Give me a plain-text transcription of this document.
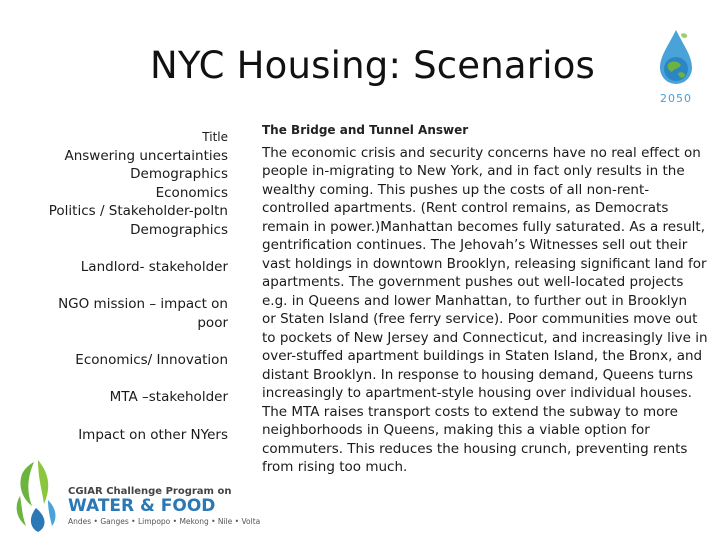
NYC Housing: Scenarios
2050
Title
Answering uncertainties
Demographics
Economics
Politics / Stakeholder-poltn
Demographics
Landlord- stakeholder
NGO mission – impact on
poor
Economics/ Innovation
MTA –stakeholder
Impact on other NYers
The Bridge and Tunnel Answer
The economic crisis and security concerns have no real effect on
people in-migrating to New York, and in fact only results in the
wealthy coming. This pushes up the costs of all non-rent-
controlled apartments. (Rent control remains, as Democrats
remain in power.)Manhattan becomes fully saturated. As a result,
gentrification continues. The Jehovah’s Witnesses sell out their
vast holdings in downtown Brooklyn, releasing significant land for
apartments. The government pushes out well-located projects
e.g. in Queens and lower Manhattan, to further out in Brooklyn
or Staten Island (free ferry service). Poor communities move out
to pockets of New Jersey and Connecticut, and increasingly live in
over-stuffed apartment buildings in Staten Island, the Bronx, and
distant Brooklyn. In response to housing demand, Queens turns
increasingly to apartment-style housing over individual houses.
The MTA raises transport costs to extend the subway to more
neighborhoods in Queens, making this a viable option for
commuters. This reduces the housing crunch, preventing rents
from rising too much.
CGIAR Challenge Program on
WATER & FOOD
Andes • Ganges • Limpopo • Mekong • Nile • Volta
